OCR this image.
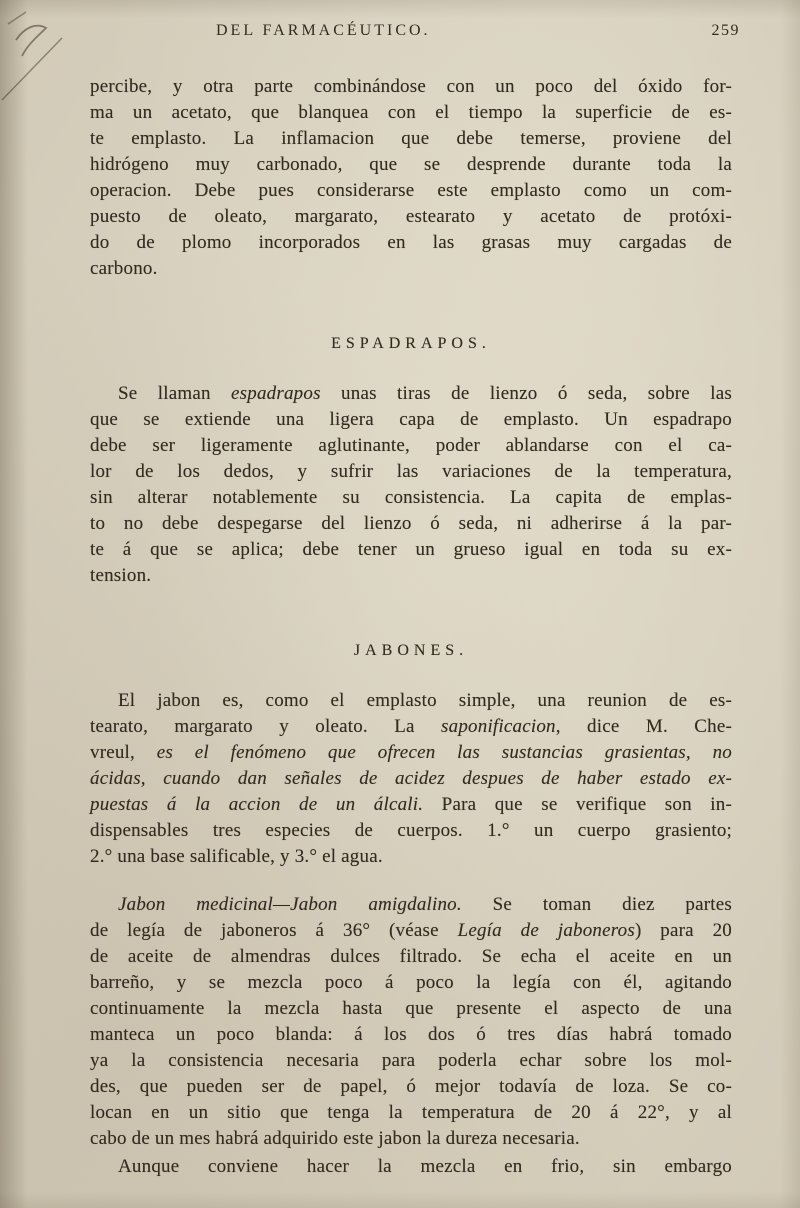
DEL FARMACÉUTICO.	259
percibe, y otra parte combinándose con un poco del óxido for-
ma un acetato, que blanquea con el tiempo la superficie de es-
te emplasto. La inflamacion que debe temerse, proviene del
hidrógeno muy carbonado, que se desprende durante toda la
operacion. Debe pues considerarse este emplasto como un com-
puesto de oleato, margarato, estearato y acetato de protóxi-
do de plomo incorporados en las grasas muy cargadas de
carbono.
ESPADRAPOS.
Se llaman espadrapos unas tiras de lienzo ó seda, sobre las
que se extiende una ligera capa de emplasto. Un espadrapo
debe ser ligeramente aglutinante, poder ablandarse con el ca-
lor de los dedos, y sufrir las variaciones de la temperatura,
sin alterar notablemente su consistencia. La capita de emplas-
to no debe despegarse del lienzo ó seda, ni adherirse á la par-
te á que se aplica; debe tener un grueso igual en toda su ex-
tension.
JABONES.
El jabon es, como el emplasto simple, una reunion de es-
tearato, margarato y oleato. La saponificacion, dice M. Che-
vreul, es el fenómeno que ofrecen las sustancias grasientas, no
ácidas, cuando dan señales de acidez despues de haber estado ex-
puestas á la accion de un álcali. Para que se verifique son in-
dispensables tres especies de cuerpos. 1.° un cuerpo grasiento;
2.° una base salificable, y 3.° el agua.
Jabon medicinal—Jabon amigdalino. Se toman diez partes
de legía de jaboneros á 36° (véase Legía de jaboneros) para 20
de aceite de almendras dulces filtrado. Se echa el aceite en un
barreño, y se mezcla poco á poco la legía con él, agitando
continuamente la mezcla hasta que presente el aspecto de una
manteca un poco blanda: á los dos ó tres días habrá tomado
ya la consistencia necesaria para poderla echar sobre los mol-
des, que pueden ser de papel, ó mejor todavía de loza. Se co-
locan en un sitio que tenga la temperatura de 20 á 22°, y al
cabo de un mes habrá adquirido este jabon la dureza necesaria.
Aunque conviene hacer la mezcla en frio, sin embargo
